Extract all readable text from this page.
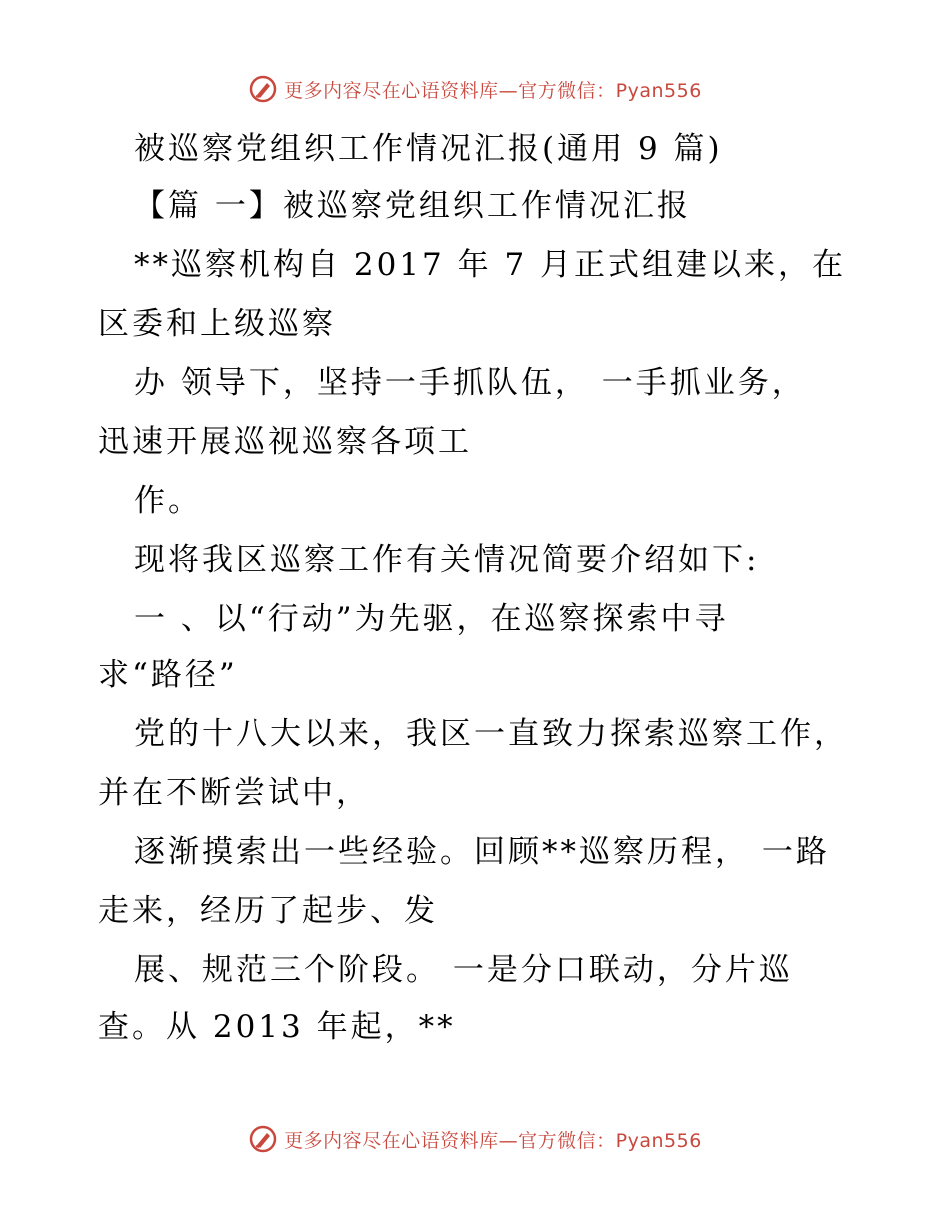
更多内容尽在心语资料库—官方微信：Pyan556
被巡察党组织工作情况汇报(通用 9 篇)
【篇 一】被巡察党组织工作情况汇报
**巡察机构自 2017 年 7 月正式组建以来，在
区委和上级巡察
办 领导下，坚持一手抓队伍， 一手抓业务，
迅速开展巡视巡察各项工
作。
现将我区巡察工作有关情况简要介绍如下:
一 、以“行动”为先驱，在巡察探索中寻
求“路径”
党的十八大以来，我区一直致力探索巡察工作，
并在不断尝试中，
逐渐摸索出一些经验。回顾**巡察历程， 一路
走来，经历了起步、发
展、规范三个阶段。 一是分口联动，分片巡
查。从 2013 年起，**
更多内容尽在心语资料库—官方微信：Pyan556
